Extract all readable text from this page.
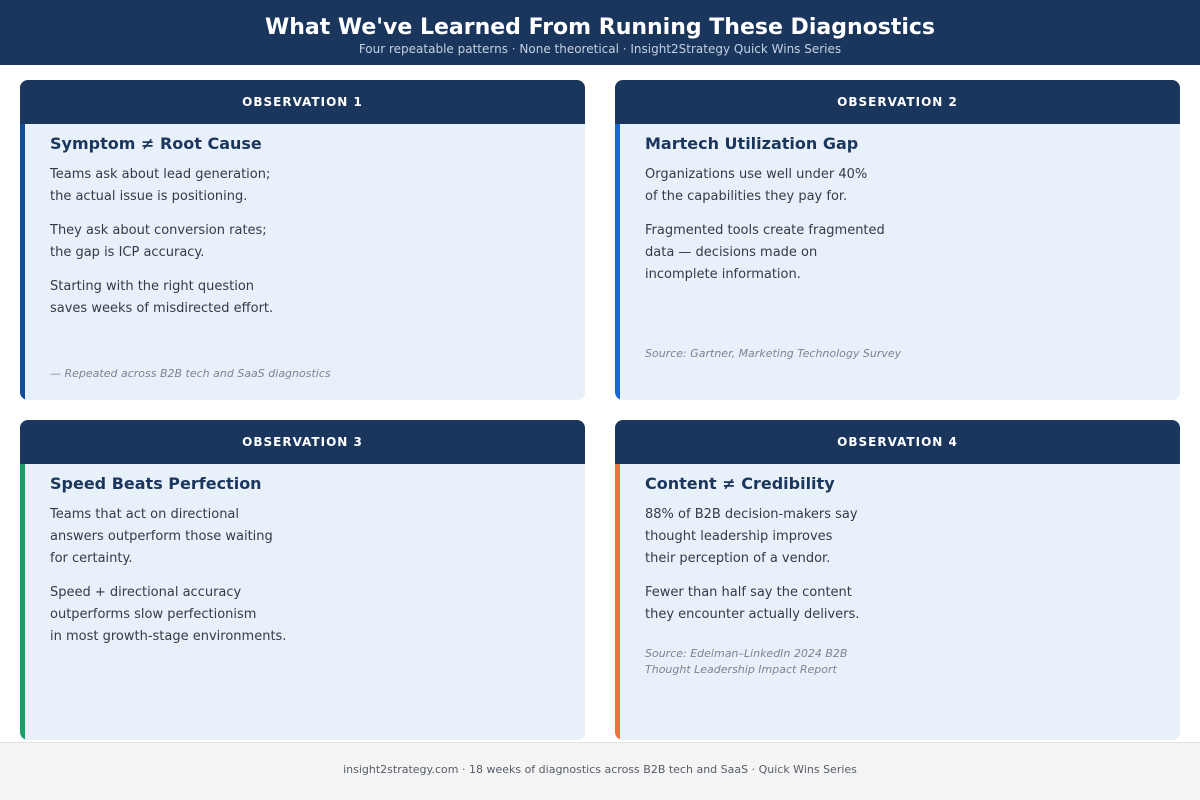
What We've Learned From Running These Diagnostics
Four repeatable patterns · None theoretical · Insight2Strategy Quick Wins Series
OBSERVATION 1
Symptom ≠ Root Cause

Teams ask about lead generation;
the actual issue is positioning.

They ask about conversion rates;
the gap is ICP accuracy.

Starting with the right question
saves weeks of misdirected effort.

— Repeated across B2B tech and SaaS diagnostics
OBSERVATION 2
Martech Utilization Gap

Organizations use well under 40%
of the capabilities they pay for.

Fragmented tools create fragmented
data — decisions made on
incomplete information.

Source: Gartner, Marketing Technology Survey
OBSERVATION 3
Speed Beats Perfection

Teams that act on directional
answers outperform those waiting
for certainty.

Speed + directional accuracy
outperforms slow perfectionism
in most growth-stage environments.

OBSERVATION 4
Content ≠ Credibility

88% of B2B decision-makers say
thought leadership improves
their perception of a vendor.

Fewer than half say the content
they encounter actually delivers.

Source: Edelman–LinkedIn 2024 B2B
Thought Leadership Impact Report
insight2strategy.com · 18 weeks of diagnostics across B2B tech and SaaS · Quick Wins Series
